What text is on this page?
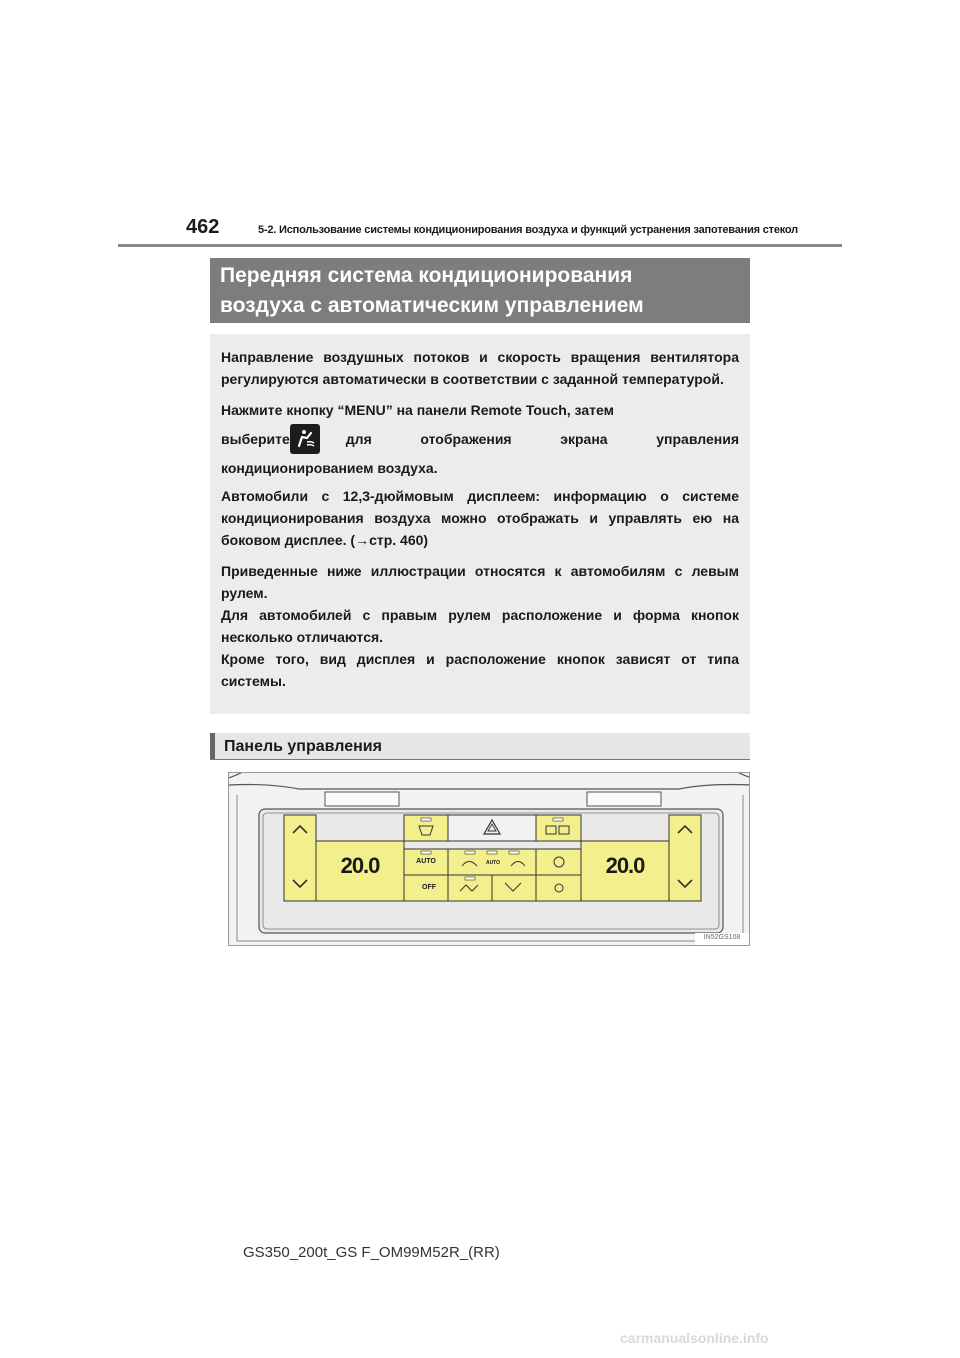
462	5-2. Использование системы кондиционирования воздуха и функций устранения запотевания стекол
Передняя система кондиционирования
воздуха с автоматическим управлением

Направление воздушных потоков и скорость вращения вентилятора регулируются автоматически в соответствии с заданной температурой.

Нажмите кнопку “MENU” на панели Remote Touch, затем
выберите	для отображения экрана управления
кондиционированием воздуха.

Автомобили с 12,3-дюймовым дисплеем: информацию о системе кондиционирования воздуха можно отображать и управлять ею на боковом дисплее. (→стр. 460)

Приведенные ниже иллюстрации относятся к автомобилям с левым рулем.

Для автомобилей с правым рулем расположение и форма кнопок несколько отличаются.

Кроме того, вид дисплея и расположение кнопок зависят от типа системы.

Панель управления
20.0	20.0
AUTO	AUTO
OFF
IN52GS108
GS350_200t_GS F_OM99M52R_(RR)
carmanualsonline.info
